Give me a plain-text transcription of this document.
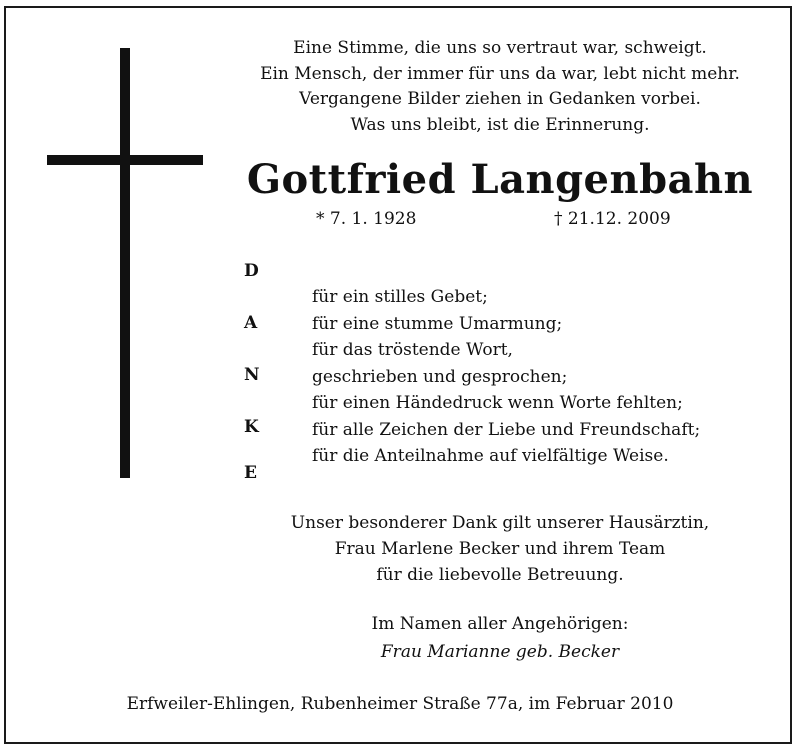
Eine Stimme, die uns so vertraut war, schweigt.
Ein Mensch, der immer für uns da war, lebt nicht mehr.
Vergangene Bilder ziehen in Gedanken vorbei.
Was uns bleibt, ist die Erinnerung.
Gottfried Langenbahn
* 7. 1. 1928	† 21.12. 2009
D
A
N
K
E
für ein stilles Gebet;
für eine stumme Umarmung;
für das tröstende Wort,
geschrieben und gesprochen;
für einen Händedruck wenn Worte fehlten;
für alle Zeichen der Liebe und Freundschaft;
für die Anteilnahme auf vielfältige Weise.
Unser besonderer Dank gilt unserer Hausärztin,
Frau Marlene Becker und ihrem Team
für die liebevolle Betreuung.
Im Namen aller Angehörigen:
Frau Marianne geb. Becker
Erfweiler-Ehlingen, Rubenheimer Straße 77a, im Februar 2010
